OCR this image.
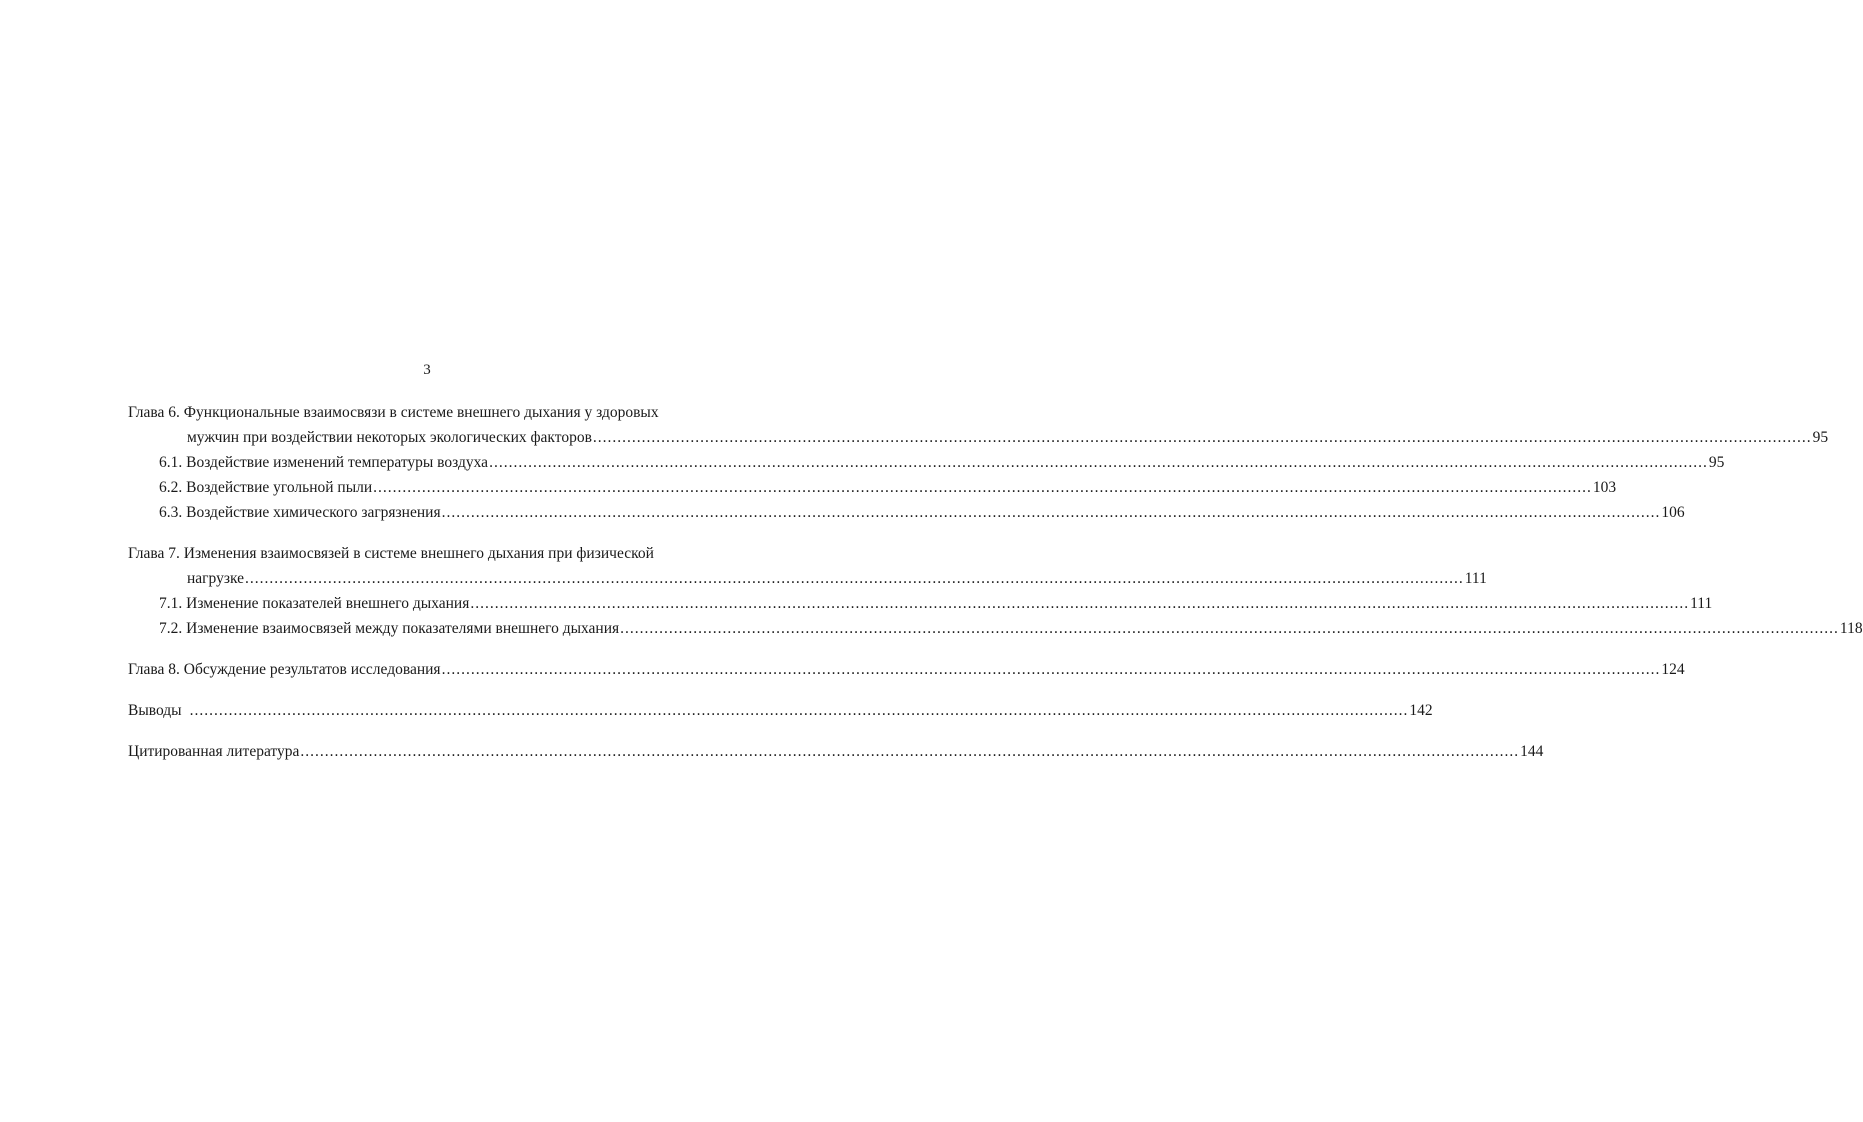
3
Глава 6. Функциональные взаимосвязи в системе внешнего дыхания у здоровых
мужчин при воздействии некоторых экологических факторов .....	95
6.1. Воздействие изменений температуры воздуха .....	95
6.2. Воздействие угольной пыли .....	103
6.3. Воздействие химического загрязнения .....	106
Глава 7. Изменения взаимосвязей в системе внешнего дыхания при физической
нагрузке .....	111
7.1. Изменение показателей внешнего дыхания .....	111
7.2. Изменение взаимосвязей между показателями внешнего дыхания .....	118
Глава 8. Обсуждение результатов исследования .....	124
Выводы .....	142
Цитированная литература .....	144
